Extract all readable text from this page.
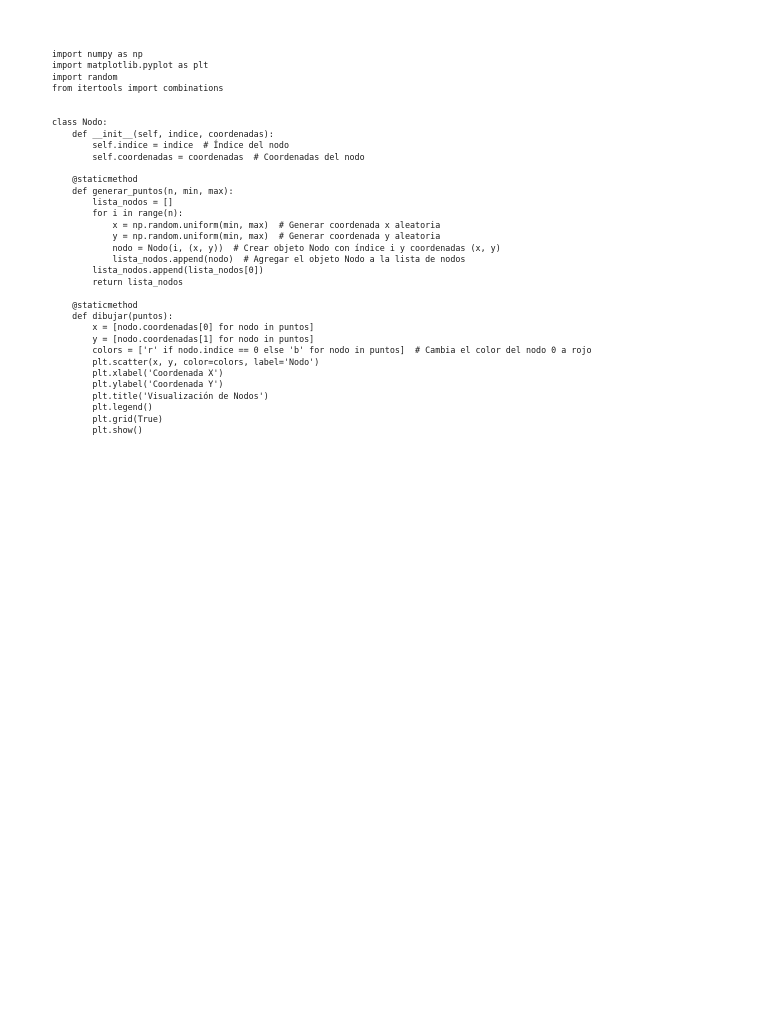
import numpy as np
import matplotlib.pyplot as plt
import random
from itertools import combinations
class Nodo:
def __init__(self, indice, coordenadas):
self.indice = indice  # Índice del nodo
self.coordenadas = coordenadas  # Coordenadas del nodo
@staticmethod
def generar_puntos(n, min, max):
lista_nodos = []
for i in range(n):
x = np.random.uniform(min, max)  # Generar coordenada x aleatoria
y = np.random.uniform(min, max)  # Generar coordenada y aleatoria
nodo = Nodo(i, (x, y))  # Crear objeto Nodo con índice i y coordenadas (x, y)
lista_nodos.append(nodo)  # Agregar el objeto Nodo a la lista de nodos
lista_nodos.append(lista_nodos[0])
return lista_nodos
@staticmethod
def dibujar(puntos):
x = [nodo.coordenadas[0] for nodo in puntos]
y = [nodo.coordenadas[1] for nodo in puntos]
colors = ['r' if nodo.indice == 0 else 'b' for nodo in puntos]  # Cambia el color del nodo 0 a rojo
plt.scatter(x, y, color=colors, label='Nodo')
plt.xlabel('Coordenada X')
plt.ylabel('Coordenada Y')
plt.title('Visualización de Nodos')
plt.legend()
plt.grid(True)
plt.show()
